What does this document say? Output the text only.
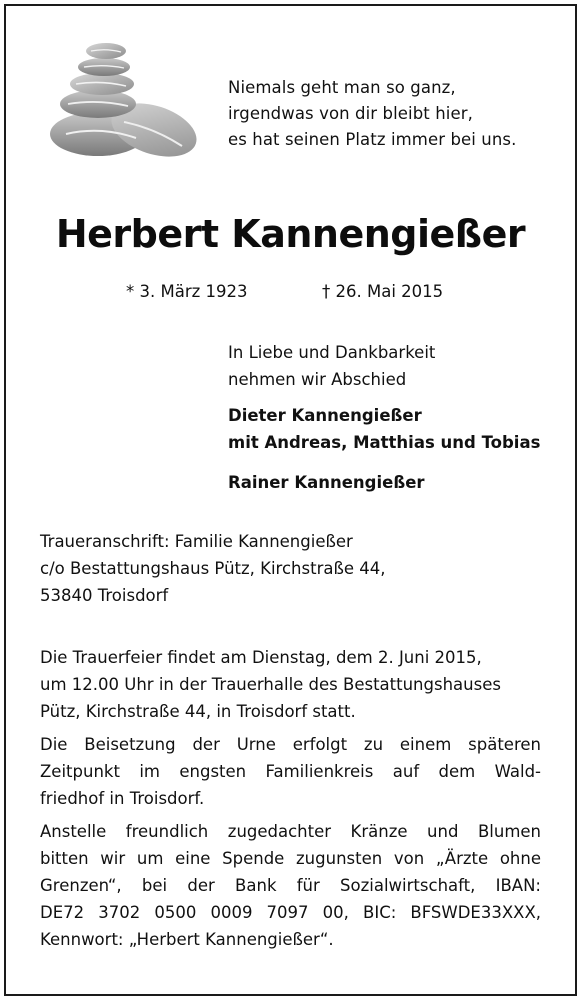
Niemals geht man so ganz,
irgendwas von dir bleibt hier,
es hat seinen Platz immer bei uns.
Herbert Kannengießer
* 3. März 1923	† 26. Mai 2015
In Liebe und Dankbarkeit
nehmen wir Abschied
Dieter Kannengießer
mit Andreas, Matthias und Tobias
Rainer Kannengießer
Traueranschrift: Familie Kannengießer
c/o Bestattungshaus Pütz, Kirchstraße 44,
53840 Troisdorf
Die Trauerfeier findet am Dienstag, dem 2. Juni 2015,
um 12.00 Uhr in der Trauerhalle des Bestattungshauses
Pütz, Kirchstraße 44, in Troisdorf statt.
Die Beisetzung der Urne erfolgt zu einem späteren
Zeitpunkt im engsten Familienkreis auf dem Wald-
friedhof in Troisdorf.
Anstelle freundlich zugedachter Kränze und Blumen
bitten wir um eine Spende zugunsten von „Ärzte ohne
Grenzen“, bei der Bank für Sozialwirtschaft, IBAN:
DE72 3702 0500 0009 7097 00, BIC: BFSWDE33XXX,
Kennwort: „Herbert Kannengießer“.
